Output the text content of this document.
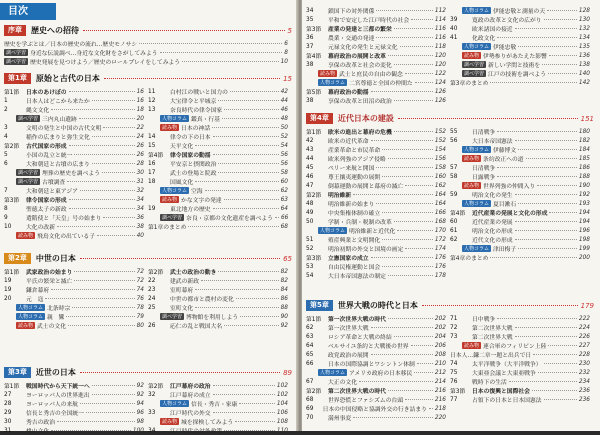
目次
序章	歴史への招待	5
歴史を学ぶとは／日本の歴史の流れ…歴史モノサシ	6
調べ学習 身近な伝説調べ…身近な文化財をさがしてみよう	8
調べ学習 歴史発展を見つけよう／歴史のロールプレイをしてみよう	10
第1章	原始と古代の日本	15
第1節	日本のあけぼの	16
1	日本人はどこから来たか	16
2	縄文文化	18
調べ学習 三内丸山遺跡	20
3	文明の発生と中国の古代文明	22
4	稲作の広まりと弥生文化	24
第2節	古代国家の形成	26
5	小国の乱立と統一	26
6	大和朝廷と古墳の広まり	28
調べ学習 埋葬の歴史を調べよう	30
調べ学習 古墳調査	31
7	大和朝廷と東アジア	32
第3節	律令国家の形成	34
8	聖徳太子の新政	34
9	遣隋使と「天皇」号の始まり	36
10	大化の改新	38
読み物 飛鳥文化の出ている子	40
11	白村江の戦いと国力の	42
12	大宝律令と平城京	44
13	奈良時代の律令国家	46
人物コラム 鑑真・行基	48
読み物 日本の神話	50
14	律令の下の日本	52
15	天平文化	54
第4節	律令国家の動揺	56
16	平安京と摂関政治	56
17	武士の登場と院政	58
18	国風文化	60
人物コラム 空海	62
読み物 かな文字の発達	63
19	東北地方の歴史	64
調べ学習 奈良・京都の文化遺産を調べよう 66
第1章のまとめ	68
第2章	中世の日本	65
第1節	武家政治の始まり	72
19	平氏の繁栄と滅亡	72
19	鎌倉幕府	74
20	元　寇	76
人物コラム 北条時宗	78
人物コラム 親　鸞	79
読み物 武士の文化	80
第2節	武士の政治の動き	82
22	建武の新政	82
23	室町幕府	84
24	中世の都市と農村の変化	86
25	室町文化	88
調べ学習 博物館を利用しよう	90
26	応仁の乱と戦国大名	92
第3章	近世の日本	89
第1節	戦国時代から天下統一へ	92
27	ヨーロッパ人の世界進出	92
28	ヨーロッパ人の来航	94
29	信長と秀吉の全国統一	96
30	秀吉の政治	98
31	桃山文化	100
第2節	江戸幕府の政治	102
32	江戸幕府の成立	102
人物コラム 信長・秀吉・家康	104
33	江戸時代の外交	106
読み物 城を探検してみよう	108
34	江戸時代の対外政策	110
34	鎖国下の対外関係	112
35	平和で安定した江戸時代の社会	114
第3節	産業の発達と三都の繁栄	116
36	農業・交通の発達	116
37	元禄文化の発生と元禄文化	118
第4節	幕府政治の展開と改革	120
38	享保の改革と社会の変化	120
読み物 武士と庶民の自由の観念	122
人物コラム 二宮尊徳と全国の仲間た	124
第5節	幕府政治の動揺	126
38	享保の改革と田沼の政治	126
人物コラム 伊能忠敬と測量の天	128
39	寛政の改革と文化の広がり	130
40	欧米諸国の接近	132
41	化政文化	134
人物コラム 伊能忠敬	135
読み物 伊勢参りがあたえた影響	136
調べ学習 新しい学問と技術を	138
調べ学習 江戸の技術を調べよう	140
第3章のまとめ	142
第4章	近代日本の建設	151
第1節	欧米の進出と幕府の危機	152
42	欧米の近代革命	152
43	産業革命と市民革命	154
44	欧米列強のアジア侵略	156
45	ペリー来航と開国	158
46	尊王攘夷運動の展開	160
47	倒幕運動の展開と幕府の滅亡	162
第2節	明治維新	164
48	明治維新の始まり	164
49	中央集権体制の確立	166
50	学制・兵制・税制の改革	168
人物コラム 明治維新と近代化	170
51	殖産興業と文明開化	172
52	明治初期の外交と国境の画定	174
第3節	立憲国家の成立	176
53	自由民権運動と国会	176
54	大日本帝国憲法の制定	178
55	日清戦争	180
56	大日本帝国憲法	182
人物コラム 伊藤博文	184
読み物 条約改正への道	185
57	日清戦争	186
58	日露戦争	188
読み物 世界列強の仲間入り	190
59	明治文化の発生	192
人物コラム 夏目漱石	193
第4節	近代産業の発展と文化の形成	194
60	近代産業の発展	194
61	明治文化の形成	196
62	近代文化の形成	198
人物コラム 津田梅子	199
第4章のまとめ	200
第5章	世界大戦の時代と日本	179
第1節	第一次世界大戦の時代	202
62	第一次世界大戦	202
63	ロシア革命と大戦の終結	204
64	ベルサイユ条約と大戦後の世界	206
65	政党政治の展開	208
66	日本の国際協調とワシントン体制	210
人物コラム アメリカ政府の日本移民	212
67	大正の文化	214
第2節	第二次世界大戦の時代	216
68	世界恐慌とファシズムの台頭	216
69	日本の中国侵略と協調外交の行き詰まり 218
70	満州事変	220
71	日中戦争	222
72	第二次世界大戦	224
73	第二次世界大戦	226
読み物 連合軍のフィリピン上陸	227
日本人…鎌二章一題と出兵で日	228
74	太平洋戦争（大平洋戦争）	230
75	大東亜会議と大東亜戦争	232
76	戦時下の生活	234
第3節	日本の復興と国際社会	236
77	占領下の日本と日本国憲法	236
